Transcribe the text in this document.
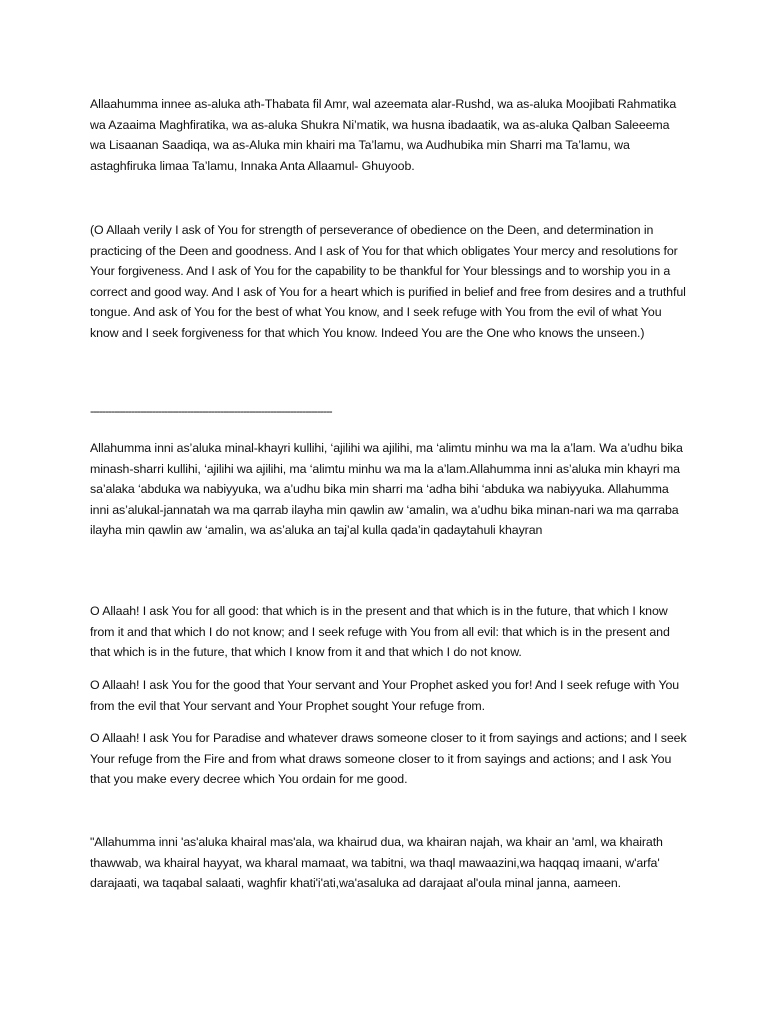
Allaahumma innee as-aluka ath-Thabata fil Amr, wal azeemata alar-Rushd, wa as-aluka Moojibati Rahmatika wa Azaaima Maghfiratika, wa as-aluka Shukra Ni’matik, wa husna ibadaatik, wa as-aluka Qalban Saleeema wa Lisaanan Saadiqa, wa as-Aluka min khairi ma Ta’lamu, wa Audhubika min Sharri ma Ta’lamu, wa astaghfiruka limaa Ta’lamu, Innaka Anta Allaamul- Ghuyoob.

(O Allaah verily I ask of You for strength of perseverance of obedience on the Deen, and determination in practicing of the Deen and goodness. And I ask of You for that which obligates Your mercy and resolutions for Your forgiveness. And I ask of You for the capability to be thankful for Your blessings and to worship you in a correct and good way. And I ask of You for a heart which is purified in belief and free from desires and a truthful tongue. And ask of You for the best of what You know, and I seek refuge with You from the evil of what You know and I seek forgiveness for that which You know. Indeed You are the One who knows the unseen.)

----------------------------------------------------------------------------------

Allahumma inni as’aluka minal-khayri kullihi, ‘ajilihi wa ajilihi, ma ‘alimtu minhu wa ma la a’lam. Wa a’udhu bika minash-sharri kullihi, ‘ajilihi wa ajilihi, ma ‘alimtu minhu wa ma la a’lam.Allahumma inni as’aluka min khayri ma sa’alaka ‘abduka wa nabiyyuka, wa a’udhu bika min sharri ma ‘adha bihi ‘abduka wa nabiyyuka. Allahumma inni as’alukal-jannatah wa ma qarrab ilayha min qawlin aw ‘amalin, wa a’udhu bika minan-nari wa ma qarraba ilayha min qawlin aw ‘amalin, wa as’aluka an taj’al kulla qada’in qadaytahuli khayran

O Allaah! I ask You for all good: that which is in the present and that which is in the future, that which I know from it and that which I do not know; and I seek refuge with You from all evil: that which is in the present and that which is in the future, that which I know from it and that which I do not know.

O Allaah! I ask You for the good that Your servant and Your Prophet asked you for! And I seek refuge with You from the evil that Your servant and Your Prophet sought Your refuge from.

O Allaah! I ask You for Paradise and whatever draws someone closer to it from sayings and actions; and I seek Your refuge from the Fire and from what draws someone closer to it from sayings and actions; and I ask You that you make every decree which You ordain for me good.

"Allahumma inni 'as'aluka khairal mas'ala, wa khairud dua, wa khairan najah, wa khair an 'aml, wa khairath thawwab, wa khairal hayyat, wa kharal mamaat, wa tabitni, wa thaql mawaazini,wa haqqaq imaani, w'arfa' darajaati, wa taqabal salaati, waghfir khati'i'ati,wa'asaluka ad darajaat al'oula minal janna, aameen.
